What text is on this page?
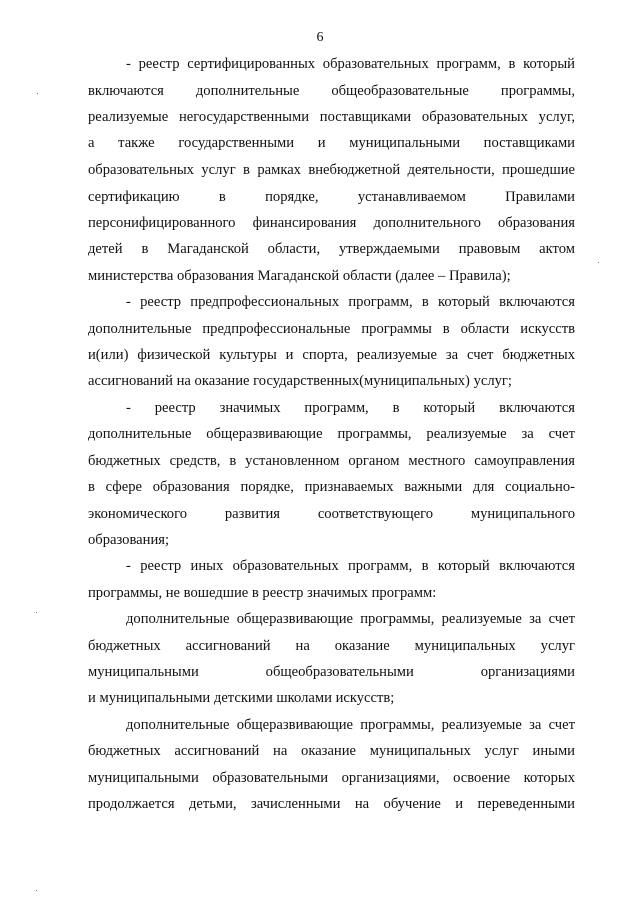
6
- реестр сертифицированных образовательных программ, в который
включаются дополнительные общеобразовательные программы,
реализуемые негосударственными поставщиками образовательных услуг,
а также государственными и муниципальными поставщиками
образовательных услуг в рамках внебюджетной деятельности, прошедшие
сертификацию в порядке, устанавливаемом Правилами
персонифицированного финансирования дополнительного образования
детей в Магаданской области, утверждаемыми правовым актом
министерства образования Магаданской области (далее – Правила);
- реестр предпрофессиональных программ, в который включаются
дополнительные предпрофессиональные программы в области искусств
и(или) физической культуры и спорта, реализуемые за счет бюджетных
ассигнований на оказание государственных(муниципальных) услуг;
- реестр значимых программ, в который включаются
дополнительные общеразвивающие программы, реализуемые за счет
бюджетных средств, в установленном органом местного самоуправления
в сфере образования порядке, признаваемых важными для социально-
экономического развития соответствующего муниципального
образования;
- реестр иных образовательных программ, в который включаются
программы, не вошедшие в реестр значимых программ:
дополнительные общеразвивающие программы, реализуемые за счет
бюджетных ассигнований на оказание муниципальных услуг
муниципальными общеобразовательными организациями
и муниципальными детскими школами искусств;
дополнительные общеразвивающие программы, реализуемые за счет
бюджетных ассигнований на оказание муниципальных услуг иными
муниципальными образовательными организациями, освоение которых
продолжается детьми, зачисленными на обучение и переведенными
